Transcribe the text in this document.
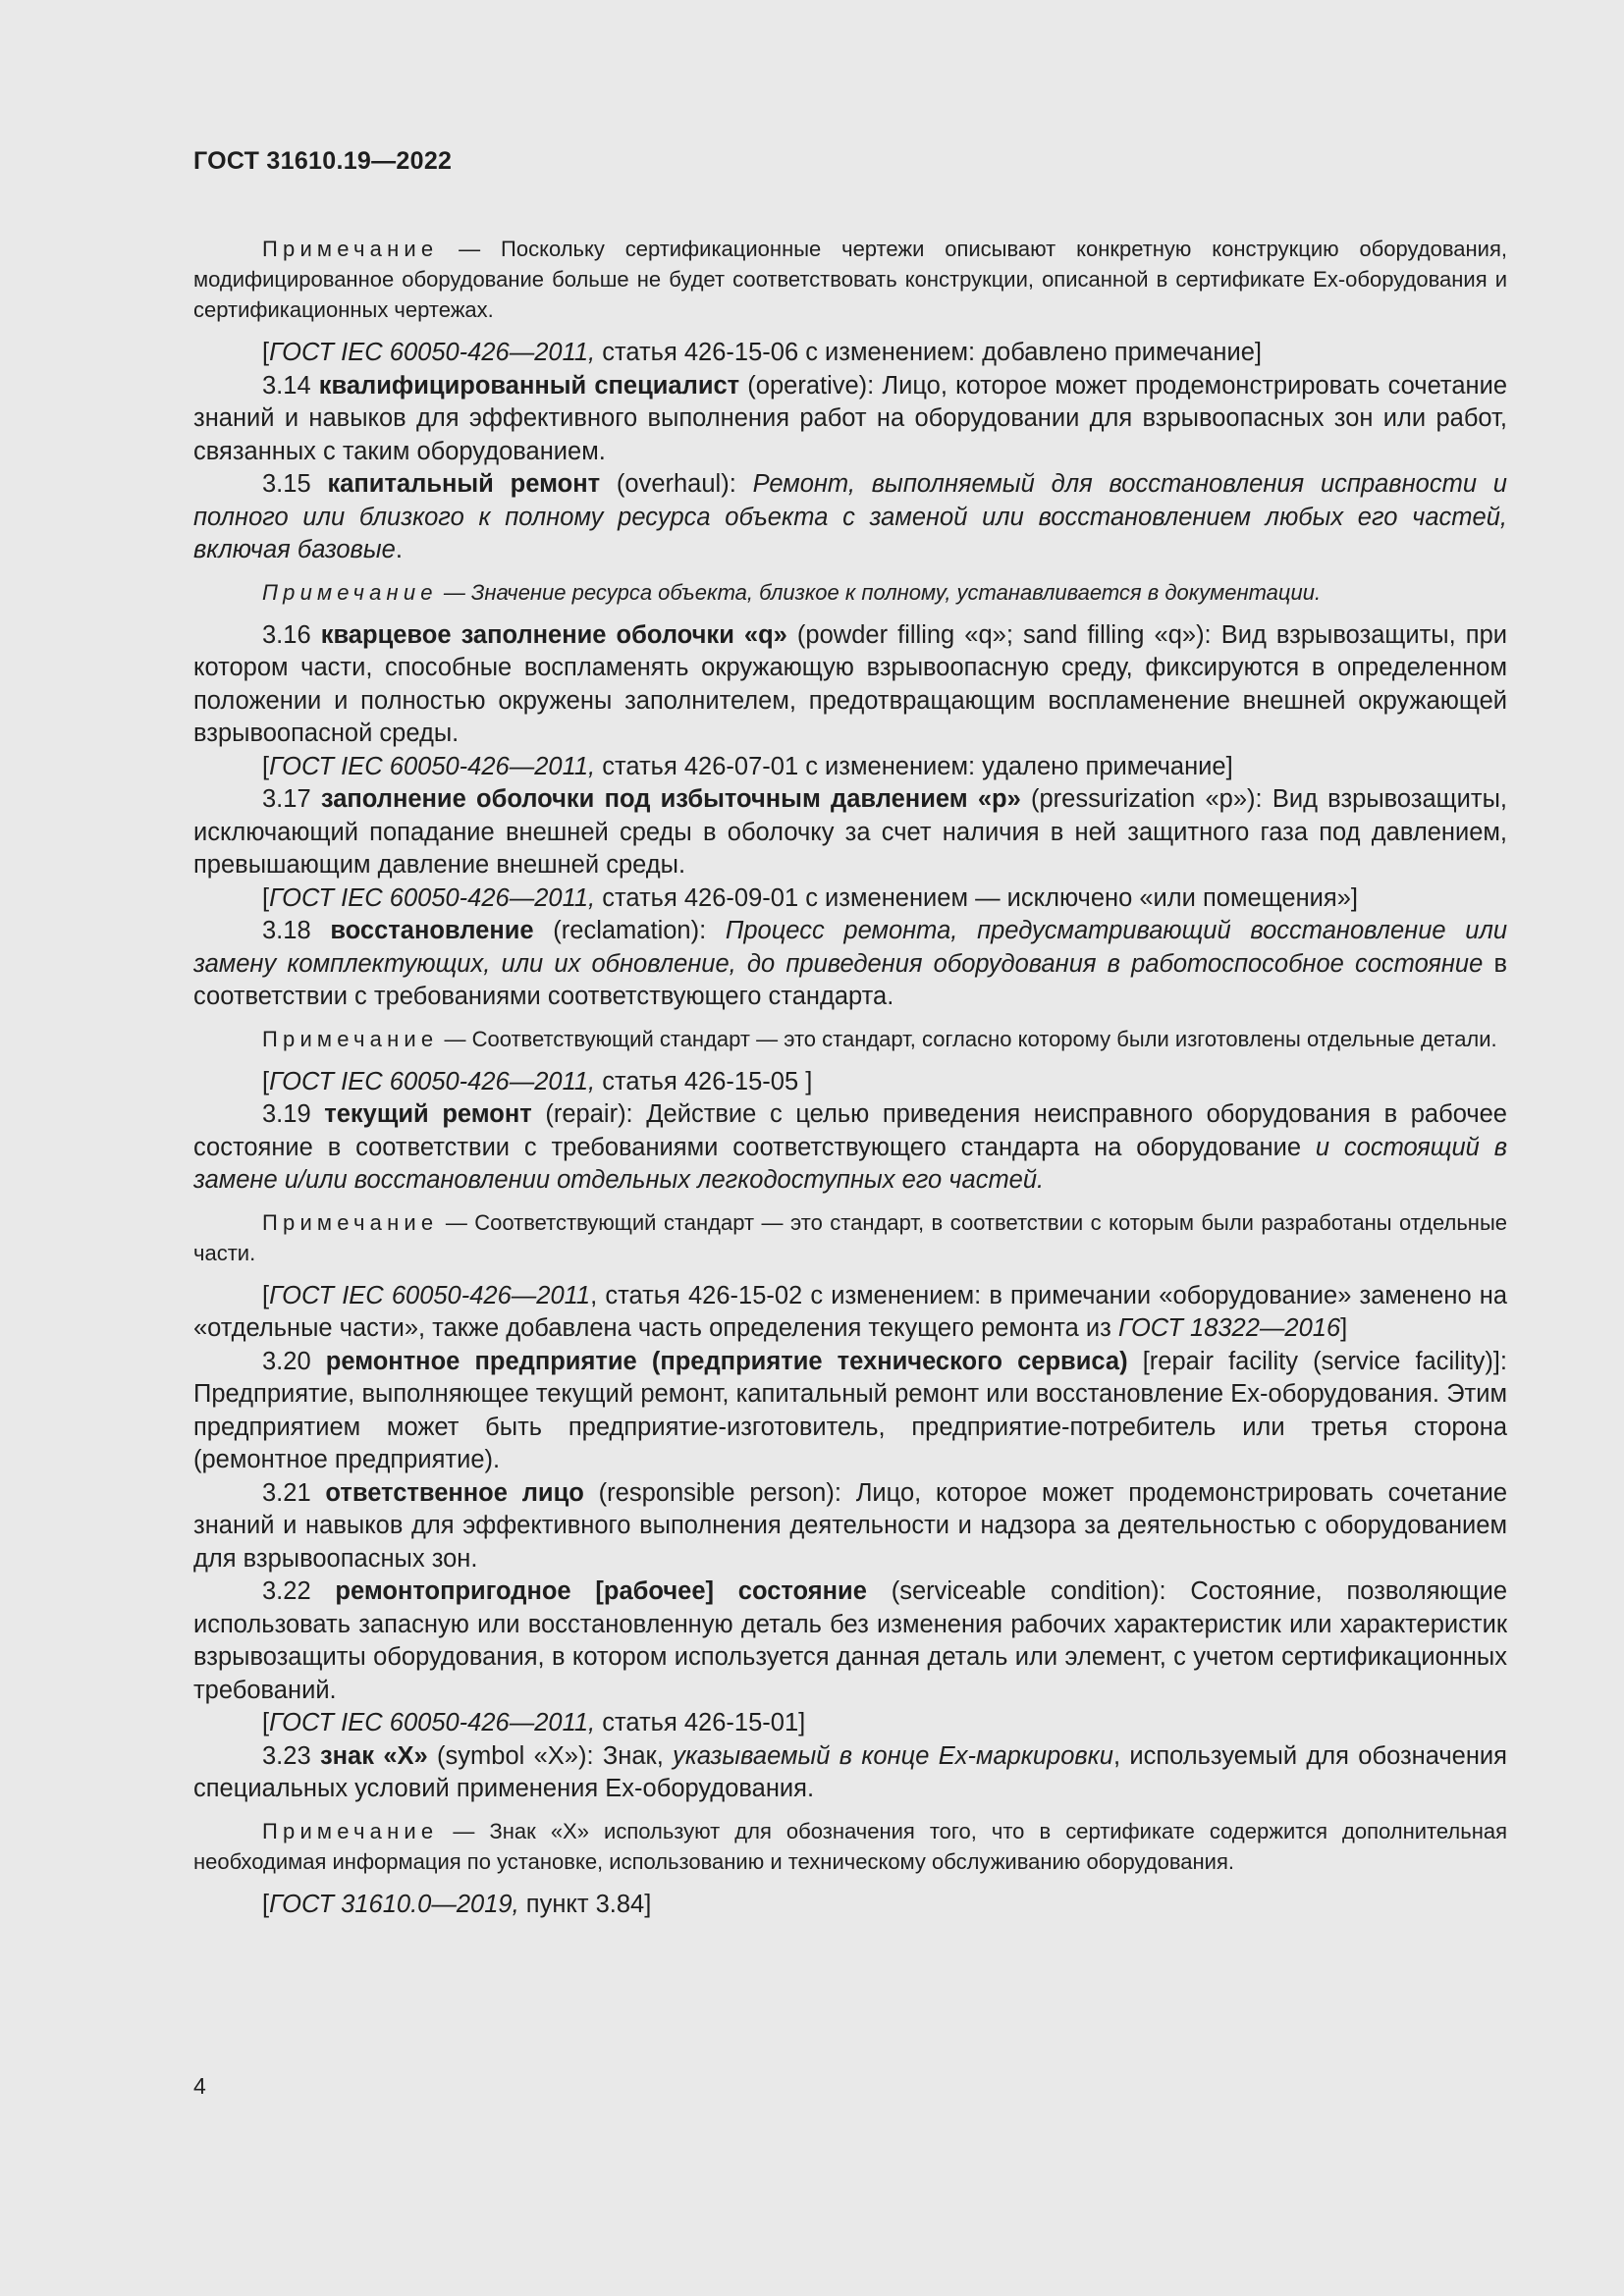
ГОСТ 31610.19—2022

Примечание — Поскольку сертификационные чертежи описывают конкретную конструкцию оборудования, модифицированное оборудование больше не будет соответствовать конструкции, описанной в сертификате Ex-оборудования и сертификационных чертежах.

[ГОСТ IEC 60050-426—2011, статья 426-15-06 с изменением: добавлено примечание]

3.14 квалифицированный специалист (operative): Лицо, которое может продемонстрировать сочетание знаний и навыков для эффективного выполнения работ на оборудовании для взрывоопасных зон или работ, связанных с таким оборудованием.

3.15 капитальный ремонт (overhaul): Ремонт, выполняемый для восстановления исправности и полного или близкого к полному ресурса объекта с заменой или восстановлением любых его частей, включая базовые.

Примечание — Значение ресурса объекта, близкое к полному, устанавливается в документации.

3.16 кварцевое заполнение оболочки «q» (powder filling «q»; sand filling «q»): Вид взрывозащиты, при котором части, способные воспламенять окружающую взрывоопасную среду, фиксируются в определенном положении и полностью окружены заполнителем, предотвращающим воспламенение внешней окружающей взрывоопасной среды.

[ГОСТ IEC 60050-426—2011, статья 426-07-01 с изменением: удалено примечание]

3.17 заполнение оболочки под избыточным давлением «р» (pressurization «р»): Вид взрывозащиты, исключающий попадание внешней среды в оболочку за счет наличия в ней защитного газа под давлением, превышающим давление внешней среды.

[ГОСТ IEC 60050-426—2011, статья 426-09-01 с изменением — исключено «или помещения»]

3.18 восстановление (reclamation): Процесс ремонта, предусматривающий восстановление или замену комплектующих, или их обновление, до приведения оборудования в работоспособное состояние в соответствии с требованиями соответствующего стандарта.

Примечание — Соответствующий стандарт — это стандарт, согласно которому были изготовлены отдельные детали.

[ГОСТ IEC 60050-426—2011, статья 426-15-05 ]

3.19 текущий ремонт (repair): Действие с целью приведения неисправного оборудования в рабочее состояние в соответствии с требованиями соответствующего стандарта на оборудование и состоящий в замене и/или восстановлении отдельных легкодоступных его частей.

Примечание — Соответствующий стандарт — это стандарт, в соответствии с которым были разработаны отдельные части.

[ГОСТ IEC 60050-426—2011, статья 426-15-02 с изменением: в примечании «оборудование» заменено на «отдельные части», также добавлена часть определения текущего ремонта из ГОСТ 18322—2016]

3.20 ремонтное предприятие (предприятие технического сервиса) [repair facility (service facility)]: Предприятие, выполняющее текущий ремонт, капитальный ремонт или восстановление Ex-оборудования. Этим предприятием может быть предприятие-изготовитель, предприятие-потребитель или третья сторона (ремонтное предприятие).

3.21 ответственное лицо (responsible person): Лицо, которое может продемонстрировать сочетание знаний и навыков для эффективного выполнения деятельности и надзора за деятельностью с оборудованием для взрывоопасных зон.

3.22 ремонтопригодное [рабочее] состояние (serviceable condition): Состояние, позволяющие использовать запасную или восстановленную деталь без изменения рабочих характеристик или характеристик взрывозащиты оборудования, в котором используется данная деталь или элемент, с учетом сертификационных требований.

[ГОСТ IEC 60050-426—2011, статья 426-15-01]

3.23 знак «X» (symbol «X»): Знак, указываемый в конце Ex-маркировки, используемый для обозначения специальных условий применения Ex-оборудования.

Примечание — Знак «X» используют для обозначения того, что в сертификате содержится дополнительная необходимая информация по установке, использованию и техническому обслуживанию оборудования.

[ГОСТ 31610.0—2019, пункт 3.84]

4
